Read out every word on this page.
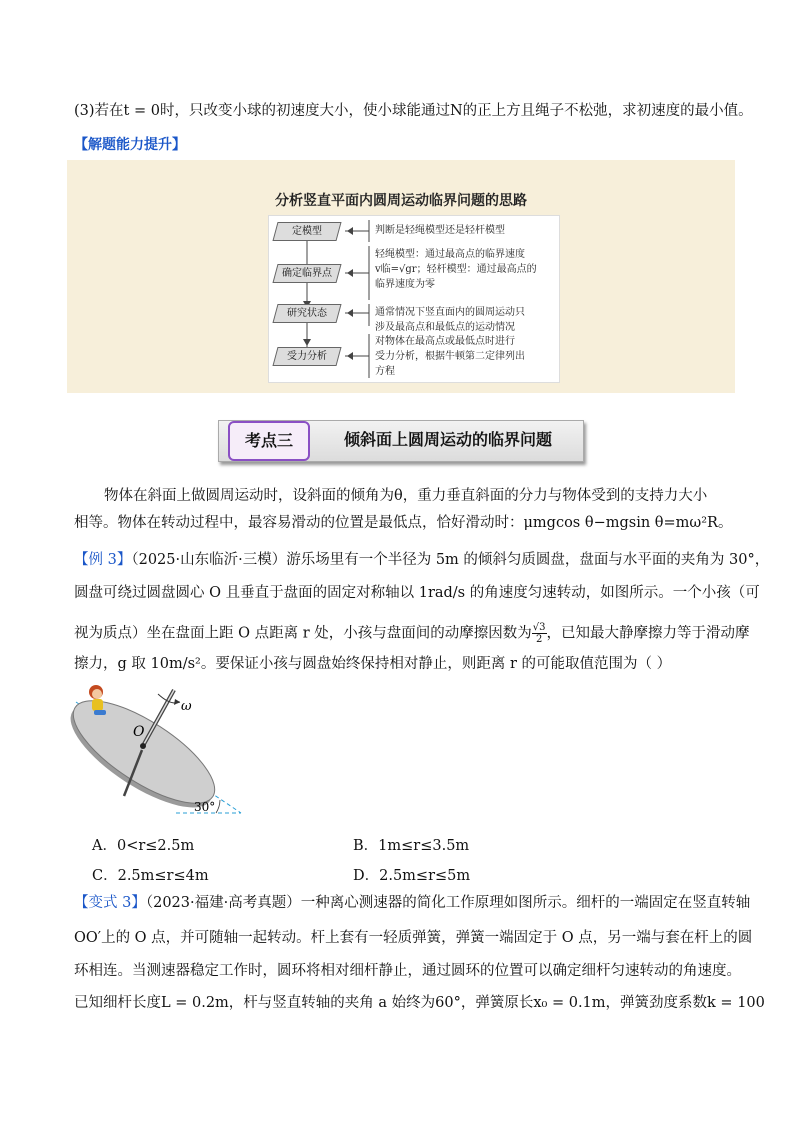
(3)若在t = 0时，只改变小球的初速度大小，使小球能通过N的正上方且绳子不松弛，求初速度的最小值。
【解题能力提升】
分析竖直平面内圆周运动临界问题的思路
定模型
确定临界点
研究状态
受力分析
判断是轻绳模型还是轻杆模型
轻绳模型：通过最高点的临界速度
v临=√gr；轻杆模型：通过最高点的
临界速度为零
通常情况下竖直面内的圆周运动只
涉及最高点和最低点的运动情况
对物体在最高点或最低点时进行
受力分析，根据牛顿第二定律列出
方程
考点三	倾斜面上圆周运动的临界问题
物体在斜面上做圆周运动时，设斜面的倾角为θ，重力垂直斜面的分力与物体受到的支持力大小
相等。物体在转动过程中，最容易滑动的位置是最低点，恰好滑动时：μmgcos θ−mgsin θ=mω²R。
【例 3】（2025·山东临沂·三模）游乐场里有一个半径为 5m 的倾斜匀质圆盘，盘面与水平面的夹角为 30°，
圆盘可绕过圆盘圆心 O 且垂直于盘面的固定对称轴以 1rad/s 的角速度匀速转动，如图所示。一个小孩（可
视为质点）坐在盘面上距 O 点距离 r 处，小孩与盘面间的动摩擦因数为 $\frac{√3}{2}$ ，已知最大静摩擦力等于滑动摩
擦力，g 取 10m/s²。要保证小孩与圆盘始终保持相对静止，则距离 r 的可能取值范围为（ ）
O
ω
30°
A．0<r≤2.5m	B．1m≤r≤3.5m
C．2.5m≤r≤4m	D．2.5m≤r≤5m
【变式 3】（2023·福建·高考真题）一种离心测速器的简化工作原理如图所示。细杆的一端固定在竖直转轴
OO′上的 O 点，并可随轴一起转动。杆上套有一轻质弹簧，弹簧一端固定于 O 点，另一端与套在杆上的圆
环相连。当测速器稳定工作时，圆环将相对细杆静止，通过圆环的位置可以确定细杆匀速转动的角速度。
已知细杆长度L = 0.2m，杆与竖直转轴的夹角 a 始终为60°，弹簧原长x₀ = 0.1m，弹簧劲度系数k = 100
